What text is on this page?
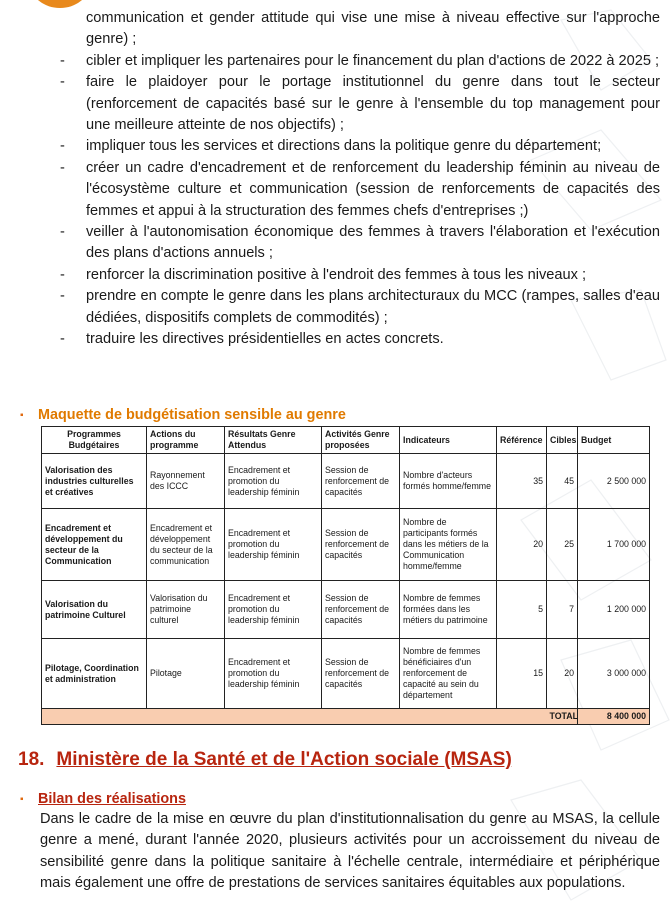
communication et gender attitude qui vise une mise à niveau effective sur l'approche genre) ;
- cibler et impliquer les partenaires pour le financement du plan d'actions de 2022 à 2025 ;
- faire le plaidoyer pour le portage institutionnel du genre dans tout le secteur (renforcement de capacités basé sur le genre à l'ensemble du top management pour une meilleure atteinte de nos objectifs) ;
- impliquer tous les services et directions dans la politique genre du département;
- créer un cadre d'encadrement et de renforcement du leadership féminin au niveau de l'écosystème culture et communication (session de renforcements de capacités des femmes et appui à la structuration des femmes chefs d'entreprises ;)
- veiller à l'autonomisation économique des femmes à travers l'élaboration et l'exécution des plans d'actions annuels ;
- renforcer la discrimination positive à l'endroit des femmes à tous les niveaux ;
- prendre en compte le genre dans les plans architecturaux du MCC (rampes, salles d'eau dédiées, dispositifs complets de commodités) ;
- traduire les directives présidentielles en actes concrets.
▪ Maquette de budgétisation sensible au genre
Programmes Budgétaires	Actions du programme	Résultats Genre Attendus	Activités Genre proposées	Indicateurs	Référence	Cibles	Budget
Valorisation des industries culturelles et créatives	Rayonnement des ICCC	Encadrement et promotion du leadership féminin	Session de renforcement de capacités	Nombre d'acteurs formés homme/femme	35	45	2 500 000
Encadrement et développement du secteur de la Communication	Encadrement et développement du secteur de la communication	Encadrement et promotion du leadership féminin	Session de renforcement de capacités	Nombre de participants formés dans les métiers de la Communication homme/femme	20	25	1 700 000
Valorisation du patrimoine Culturel	Valorisation du patrimoine culturel	Encadrement et promotion du leadership féminin	Session de renforcement de capacités	Nombre de femmes formées dans les métiers du patrimoine	5	7	1 200 000
Pilotage, Coordination et administration	Pilotage	Encadrement et promotion du leadership féminin	Session de renforcement de capacités	Nombre de femmes bénéficiaires d'un renforcement de capacité au sein du département	15	20	3 000 000
						TOTAL	8 400 000
18. Ministère de la Santé et de l'Action sociale (MSAS)
▪ Bilan des réalisations

Dans le cadre de la mise en œuvre du plan d'institutionnalisation du genre au MSAS, la cellule genre a mené, durant l'année 2020, plusieurs activités pour un accroissement du niveau de sensibilité genre dans la politique sanitaire à l'échelle centrale, intermédiaire et périphérique mais également une offre de prestations de services sanitaires équitables aux populations.
